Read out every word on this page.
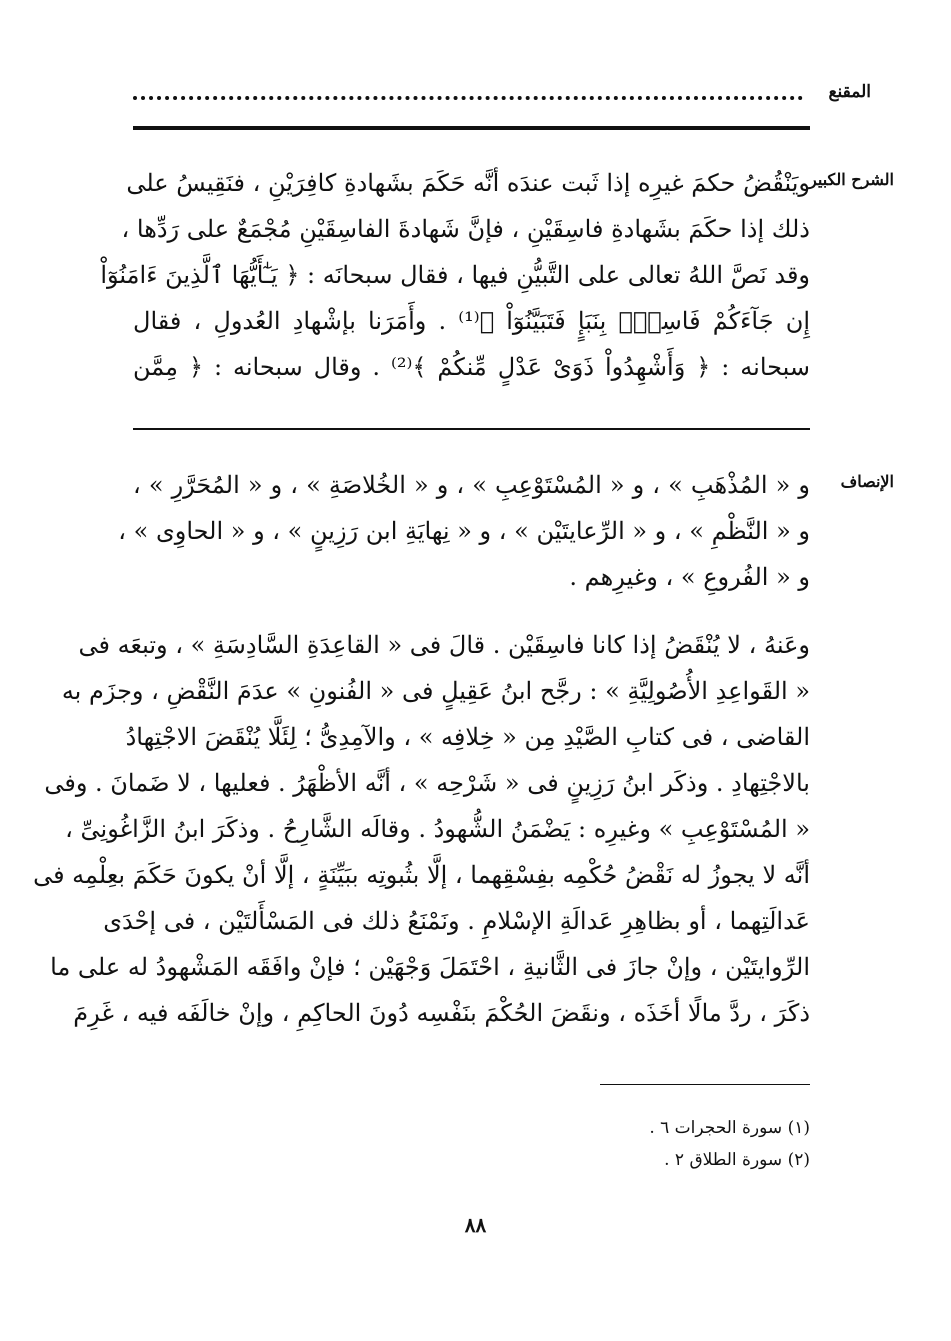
المقنع
الشرح الكبير
ويَنْقُضُ حكمَ غيرِه إذا ثَبت عندَه أنَّه حَكَمَ بشَهادةِ كافِرَيْنِ ، فنَقِيسُ على
ذلك إذا حكَمَ بشَهادةِ فاسِقَيْنِ ، فإنَّ شَهادةَ الفاسِقَيْنِ مُجْمَعٌ على رَدِّها ،
وقد نَصَّ اللهُ تعالى على التَّبيُّنِ فيها ، فقال سبحانَه : ﴿ يَـٰٓأَيُّهَا ٱلَّذِينَ ءَامَنُوٓاْ
إِن جَآءَكُمْ فَاسِقٌۢ بِنَبَإٍ فَتَبَيَّنُوٓاْ ﴾⁽¹⁾ . وأَمَرَنا بإشْهادِ العُدولِ ، فقال
سبحانه : ﴿ وَأَشْهِدُواْ ذَوَىْ عَدْلٍ مِّنكُمْ ﴾⁽²⁾ . وقال سبحانه : ﴿ مِمَّن
الإنصاف
و « المُذْهَبِ » ، و « المُسْتَوْعِبِ » ، و « الخُلاصَةِ » ، و « المُحَرَّرِ » ،
و « النَّظْمِ » ، و « الرِّعايتَيْن » ، و « نِهايَةِ ابن رَزِينٍ » ، و « الحاوِى » ،
و « الفُروعِ » ، وغيرِهم .
وعَنهُ ، لا يُنْقَضُ إذا كانا فاسِقَيْن . قالَ فى « القاعِدَةِ السَّادِسَةِ » ، وتبعَه فى
« القَواعِدِ الأُصُولِيَّةِ » : رجَّح ابنُ عَقِيلٍ فى « الفُنونِ » عدَمَ النَّقْضِ ، وجزَم به
القاضى ، فى كتابِ الصَّيْدِ مِن « خِلافِه » ، والآمِدِىُّ ؛ لِئَلَّا يُنْقَضَ الاجْتِهادُ
بالاجْتِهادِ . وذكَر ابنُ رَزِينٍ فى « شَرْحِه » ، أنَّه الأظْهَرُ . فعليها ، لا ضَمانَ . وفى
« المُسْتَوْعِبِ » وغيرِه : يَضْمَنُ الشُّهودُ . وقالَه الشَّارِحُ . وذكَرَ ابنُ الزَّاغُونِىِّ ،
أنَّه لا يجوزُ له نَقْضُ حُكْمِه بفِسْقِهما ، إلَّا بثُبوتِه ببَيِّنَةٍ ، إلَّا أنْ يكونَ حَكَمَ بعِلْمِه فى
عَدالَتِهما ، أو بظاهِرِ عَدالَةِ الإسْلامِ . ونَمْنَعُ ذلك فى المَسْأَلتَيْن ، فى إحْدَى
الرِّوايتَيْن ، وإنْ جازَ فى الثَّانيةِ ، احْتَمَلَ وَجْهَيْن ؛ فإنْ وافَقَه المَشْهودُ له على ما
ذكَرَ ، ردَّ مالًا أخَذَه ، ونقَضَ الحُكْمَ بنَفْسِه دُونَ الحاكِمِ ، وإنْ خالَفَه فيه ، غَرِمَ
(١) سورة الحجرات ٦ .
(٢) سورة الطلاق ٢ .
٨٨
